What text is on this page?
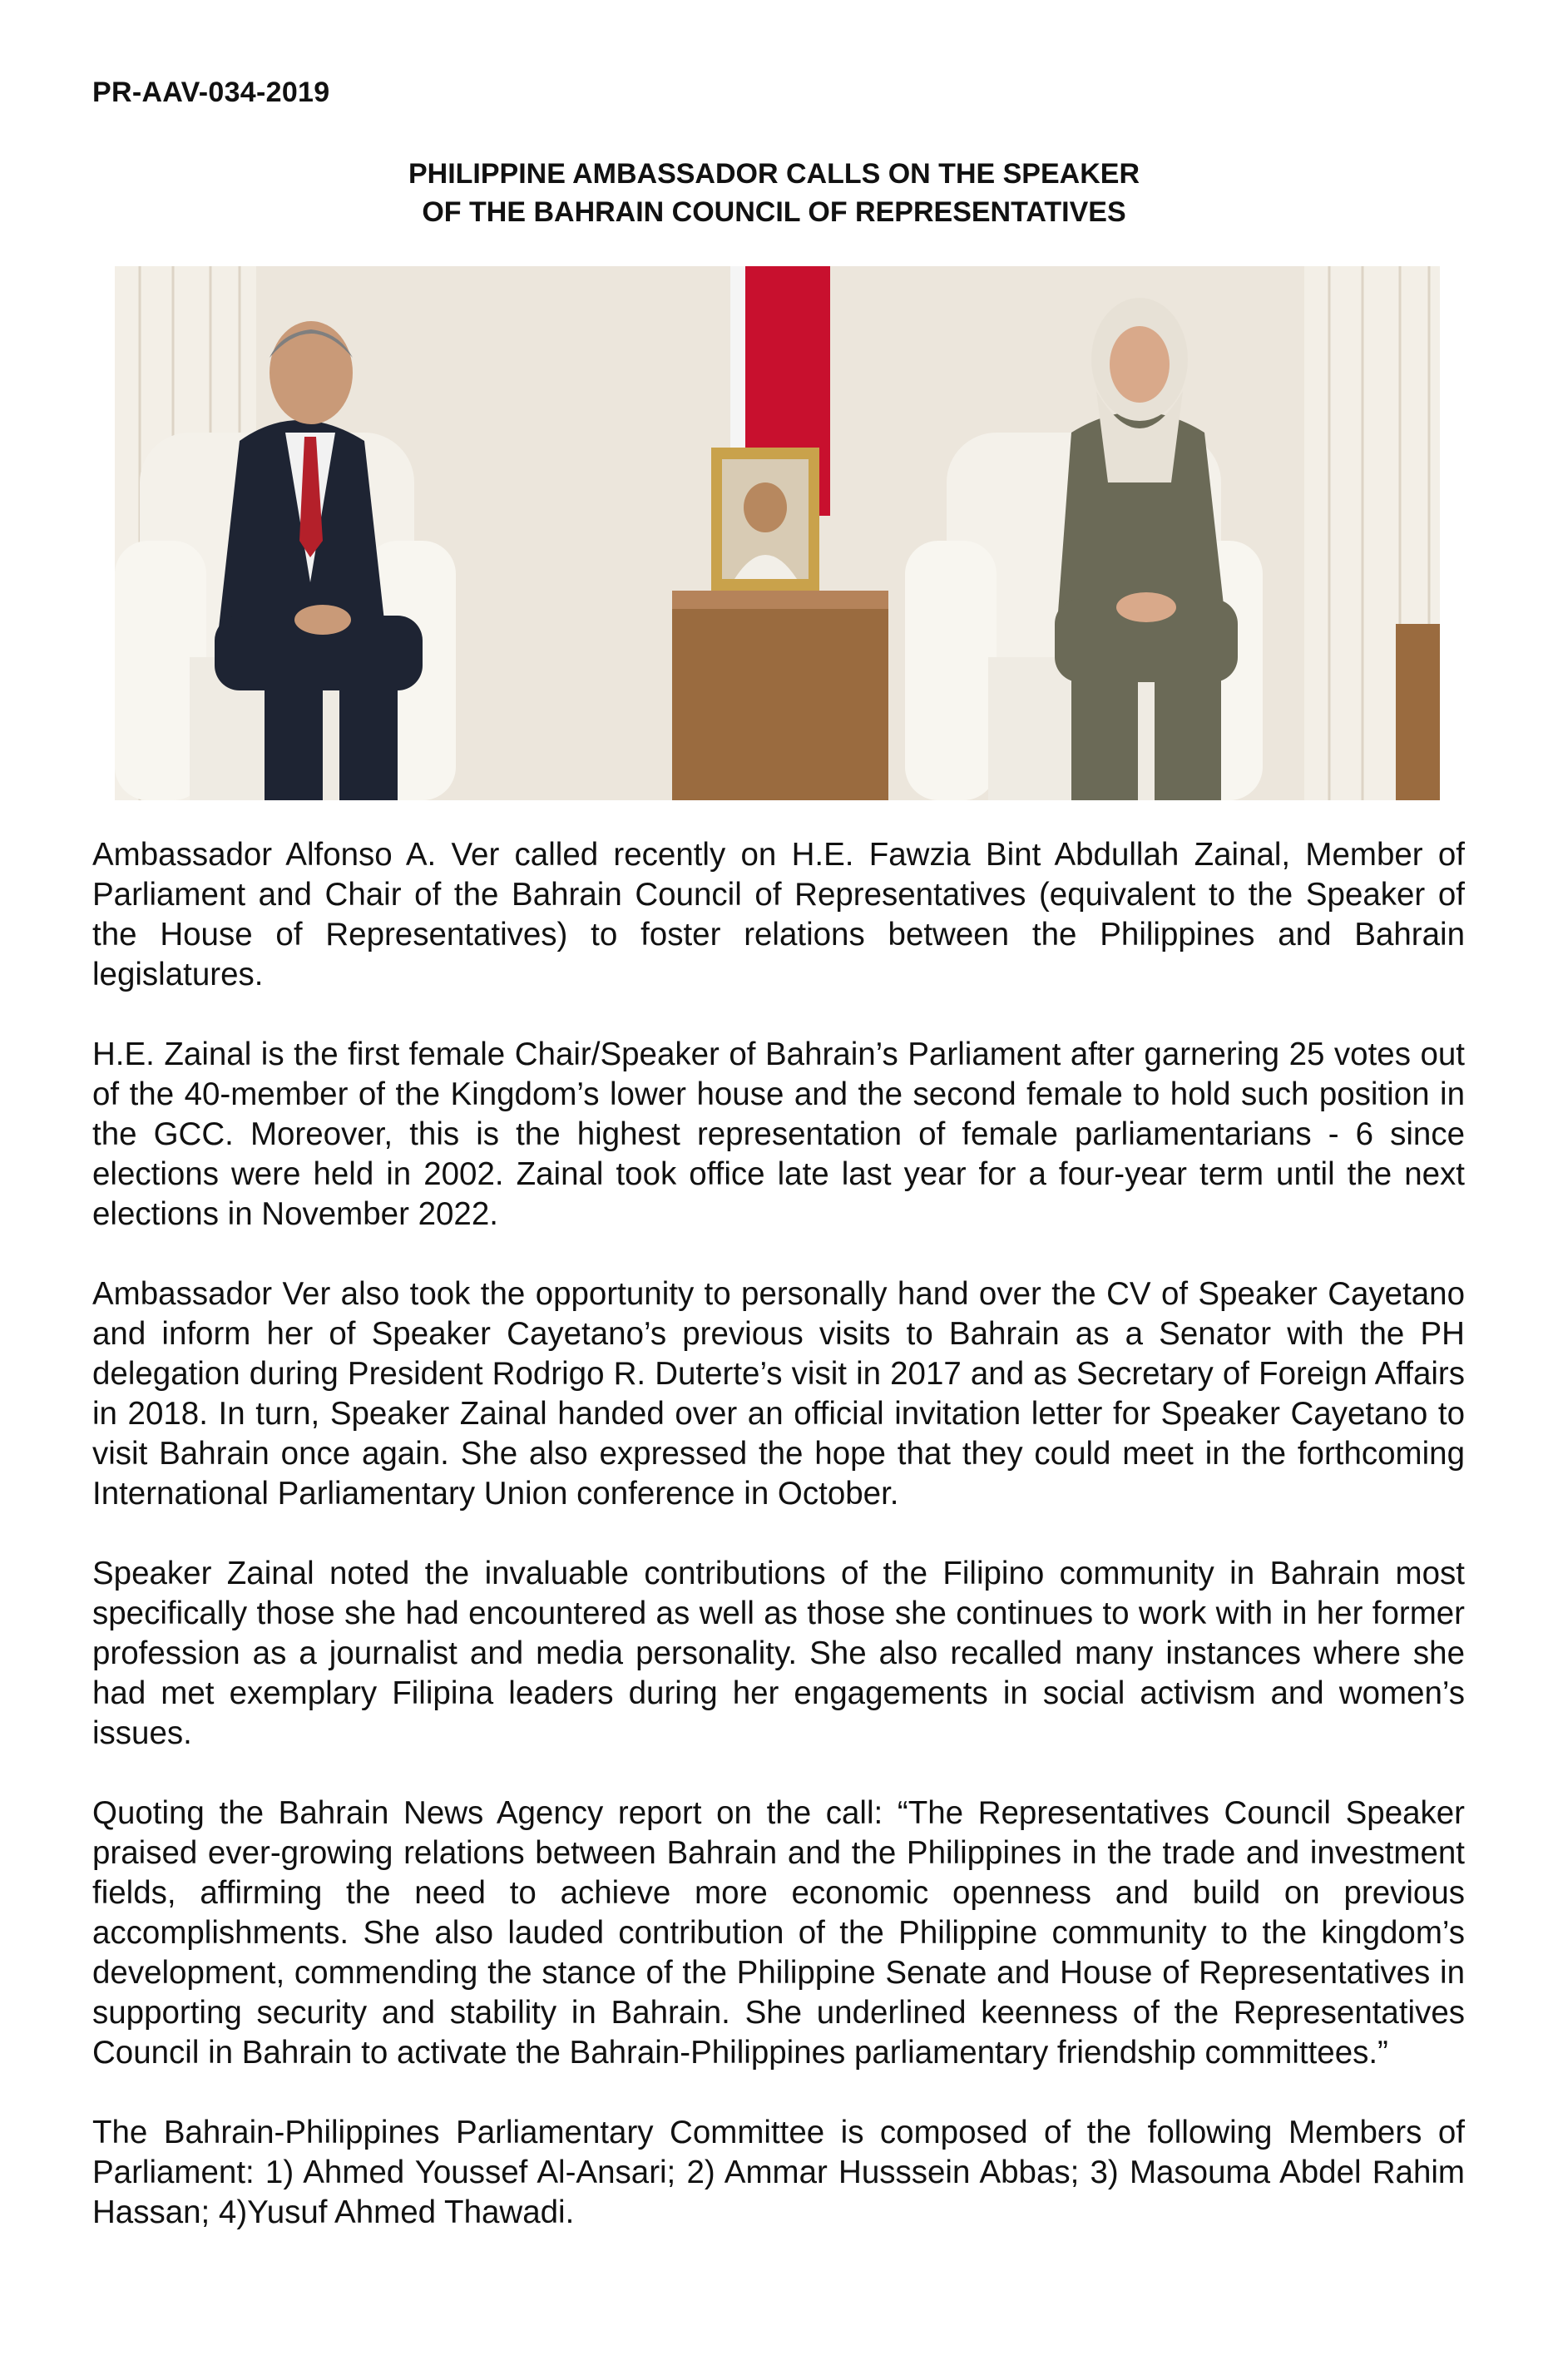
PR-AAV-034-2019
PHILIPPINE AMBASSADOR CALLS ON THE SPEAKER
OF THE BAHRAIN COUNCIL OF REPRESENTATIVES

Ambassador Alfonso A. Ver called recently on H.E. Fawzia Bint Abdullah Zainal, Member of Parliament and Chair of the Bahrain Council of Representatives (equivalent to the Speaker of the House of Representatives) to foster relations between the Philippines and Bahrain legislatures.

H.E. Zainal is the first female Chair/Speaker of Bahrain’s Parliament after garnering 25 votes out of the 40-member of the Kingdom’s lower house and the second female to hold such position in the GCC. Moreover, this is the highest representation of female parliamentarians - 6 since elections were held in 2002. Zainal took office late last year for a four-year term until the next elections in November 2022.

Ambassador Ver also took the opportunity to personally hand over the CV of Speaker Cayetano and inform her of Speaker Cayetano’s previous visits to Bahrain as a Senator with the PH delegation during President Rodrigo R. Duterte’s visit in 2017 and as Secretary of Foreign Affairs in 2018. In turn, Speaker Zainal handed over an official invitation letter for Speaker Cayetano to visit Bahrain once again. She also expressed the hope that they could meet in the forthcoming International Parliamentary Union conference in October.

Speaker Zainal noted the invaluable contributions of the Filipino community in Bahrain most specifically those she had encountered as well as those she continues to work with in her former profession as a journalist and media personality. She also recalled many instances where she had met exemplary Filipina leaders during her engagements in social activism and women’s issues.

Quoting the Bahrain News Agency report on the call: “The Representatives Council Speaker praised ever-growing relations between Bahrain and the Philippines in the trade and investment fields, affirming the need to achieve more economic openness and build on previous accomplishments. She also lauded contribution of the Philippine community to the kingdom’s development, commending the stance of the Philippine Senate and House of Representatives in supporting security and stability in Bahrain. She underlined keenness of the Representatives Council in Bahrain to activate the Bahrain-Philippines parliamentary friendship committees.”

The Bahrain-Philippines Parliamentary Committee is composed of the following Members of Parliament: 1) Ahmed Youssef Al-Ansari; 2) Ammar Husssein Abbas; 3) Masouma Abdel Rahim Hassan; 4)Yusuf Ahmed Thawadi.
